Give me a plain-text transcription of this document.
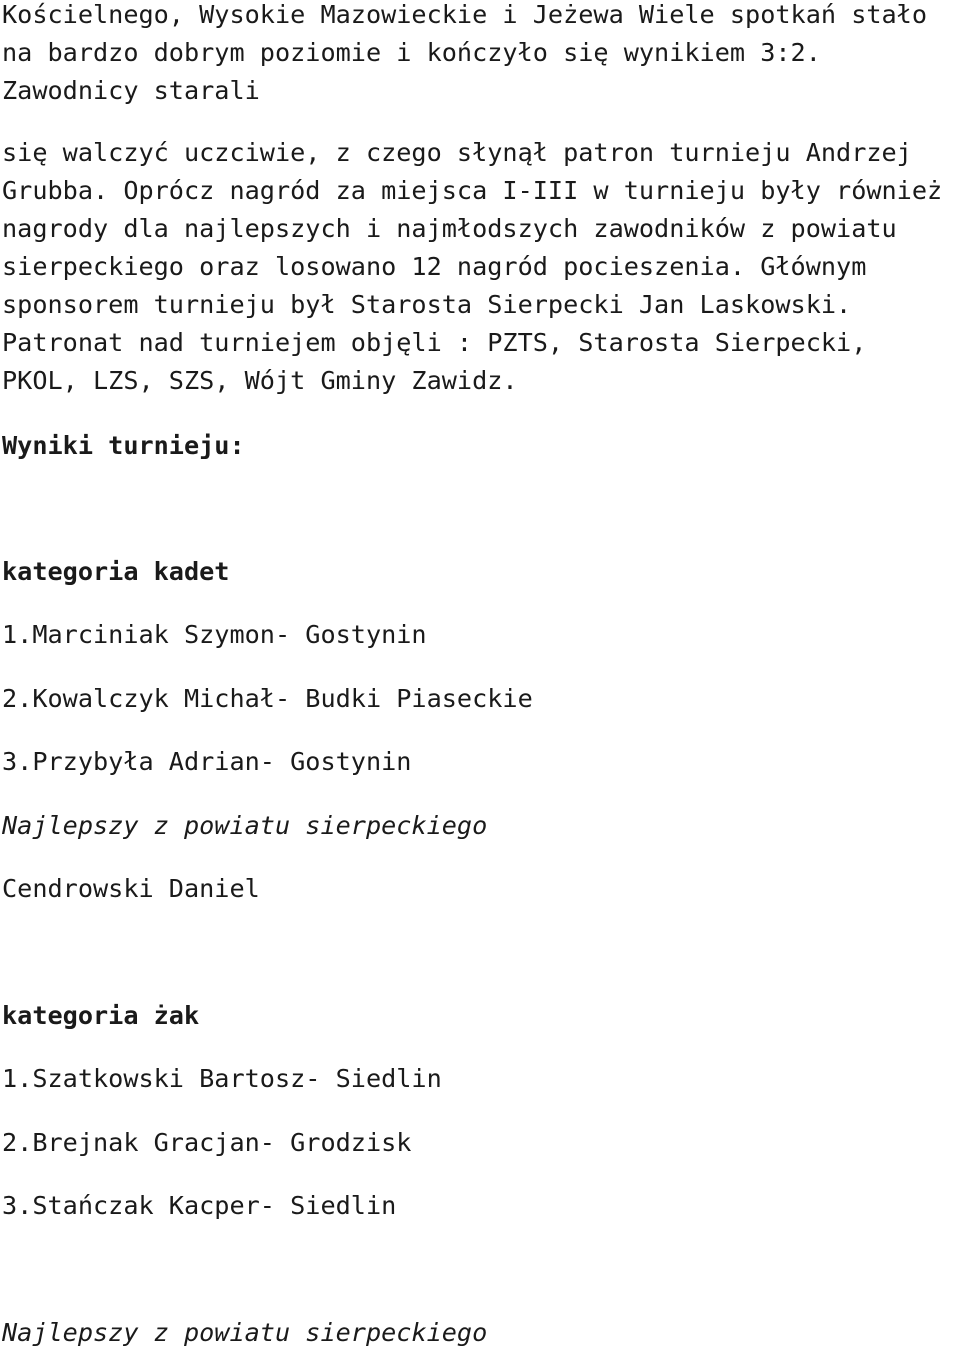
Kościelnego, Wysokie Mazowieckie i Jeżewa Wiele spotkań stało
na bardzo dobrym poziomie i kończyło się wynikiem 3:2.
Zawodnicy starali
się walczyć uczciwie, z czego słynął patron turnieju Andrzej
Grubba. Oprócz nagród za miejsca I-III w turnieju były również
nagrody dla najlepszych i najmłodszych zawodników z powiatu
sierpeckiego oraz losowano 12 nagród pocieszenia. Głównym
sponsorem turnieju był Starosta Sierpecki Jan Laskowski.
Patronat nad turniejem objęli : PZTS, Starosta Sierpecki,
PKOL, LZS, SZS, Wójt Gminy Zawidz.
Wyniki turnieju:
kategoria kadet
1.Marciniak Szymon- Gostynin
2.Kowalczyk Michał- Budki Piaseckie
3.Przybyła Adrian- Gostynin
Najlepszy z powiatu sierpeckiego
Cendrowski Daniel
kategoria żak
1.Szatkowski Bartosz- Siedlin
2.Brejnak Gracjan- Grodzisk
3.Stańczak Kacper- Siedlin
Najlepszy z powiatu sierpeckiego
